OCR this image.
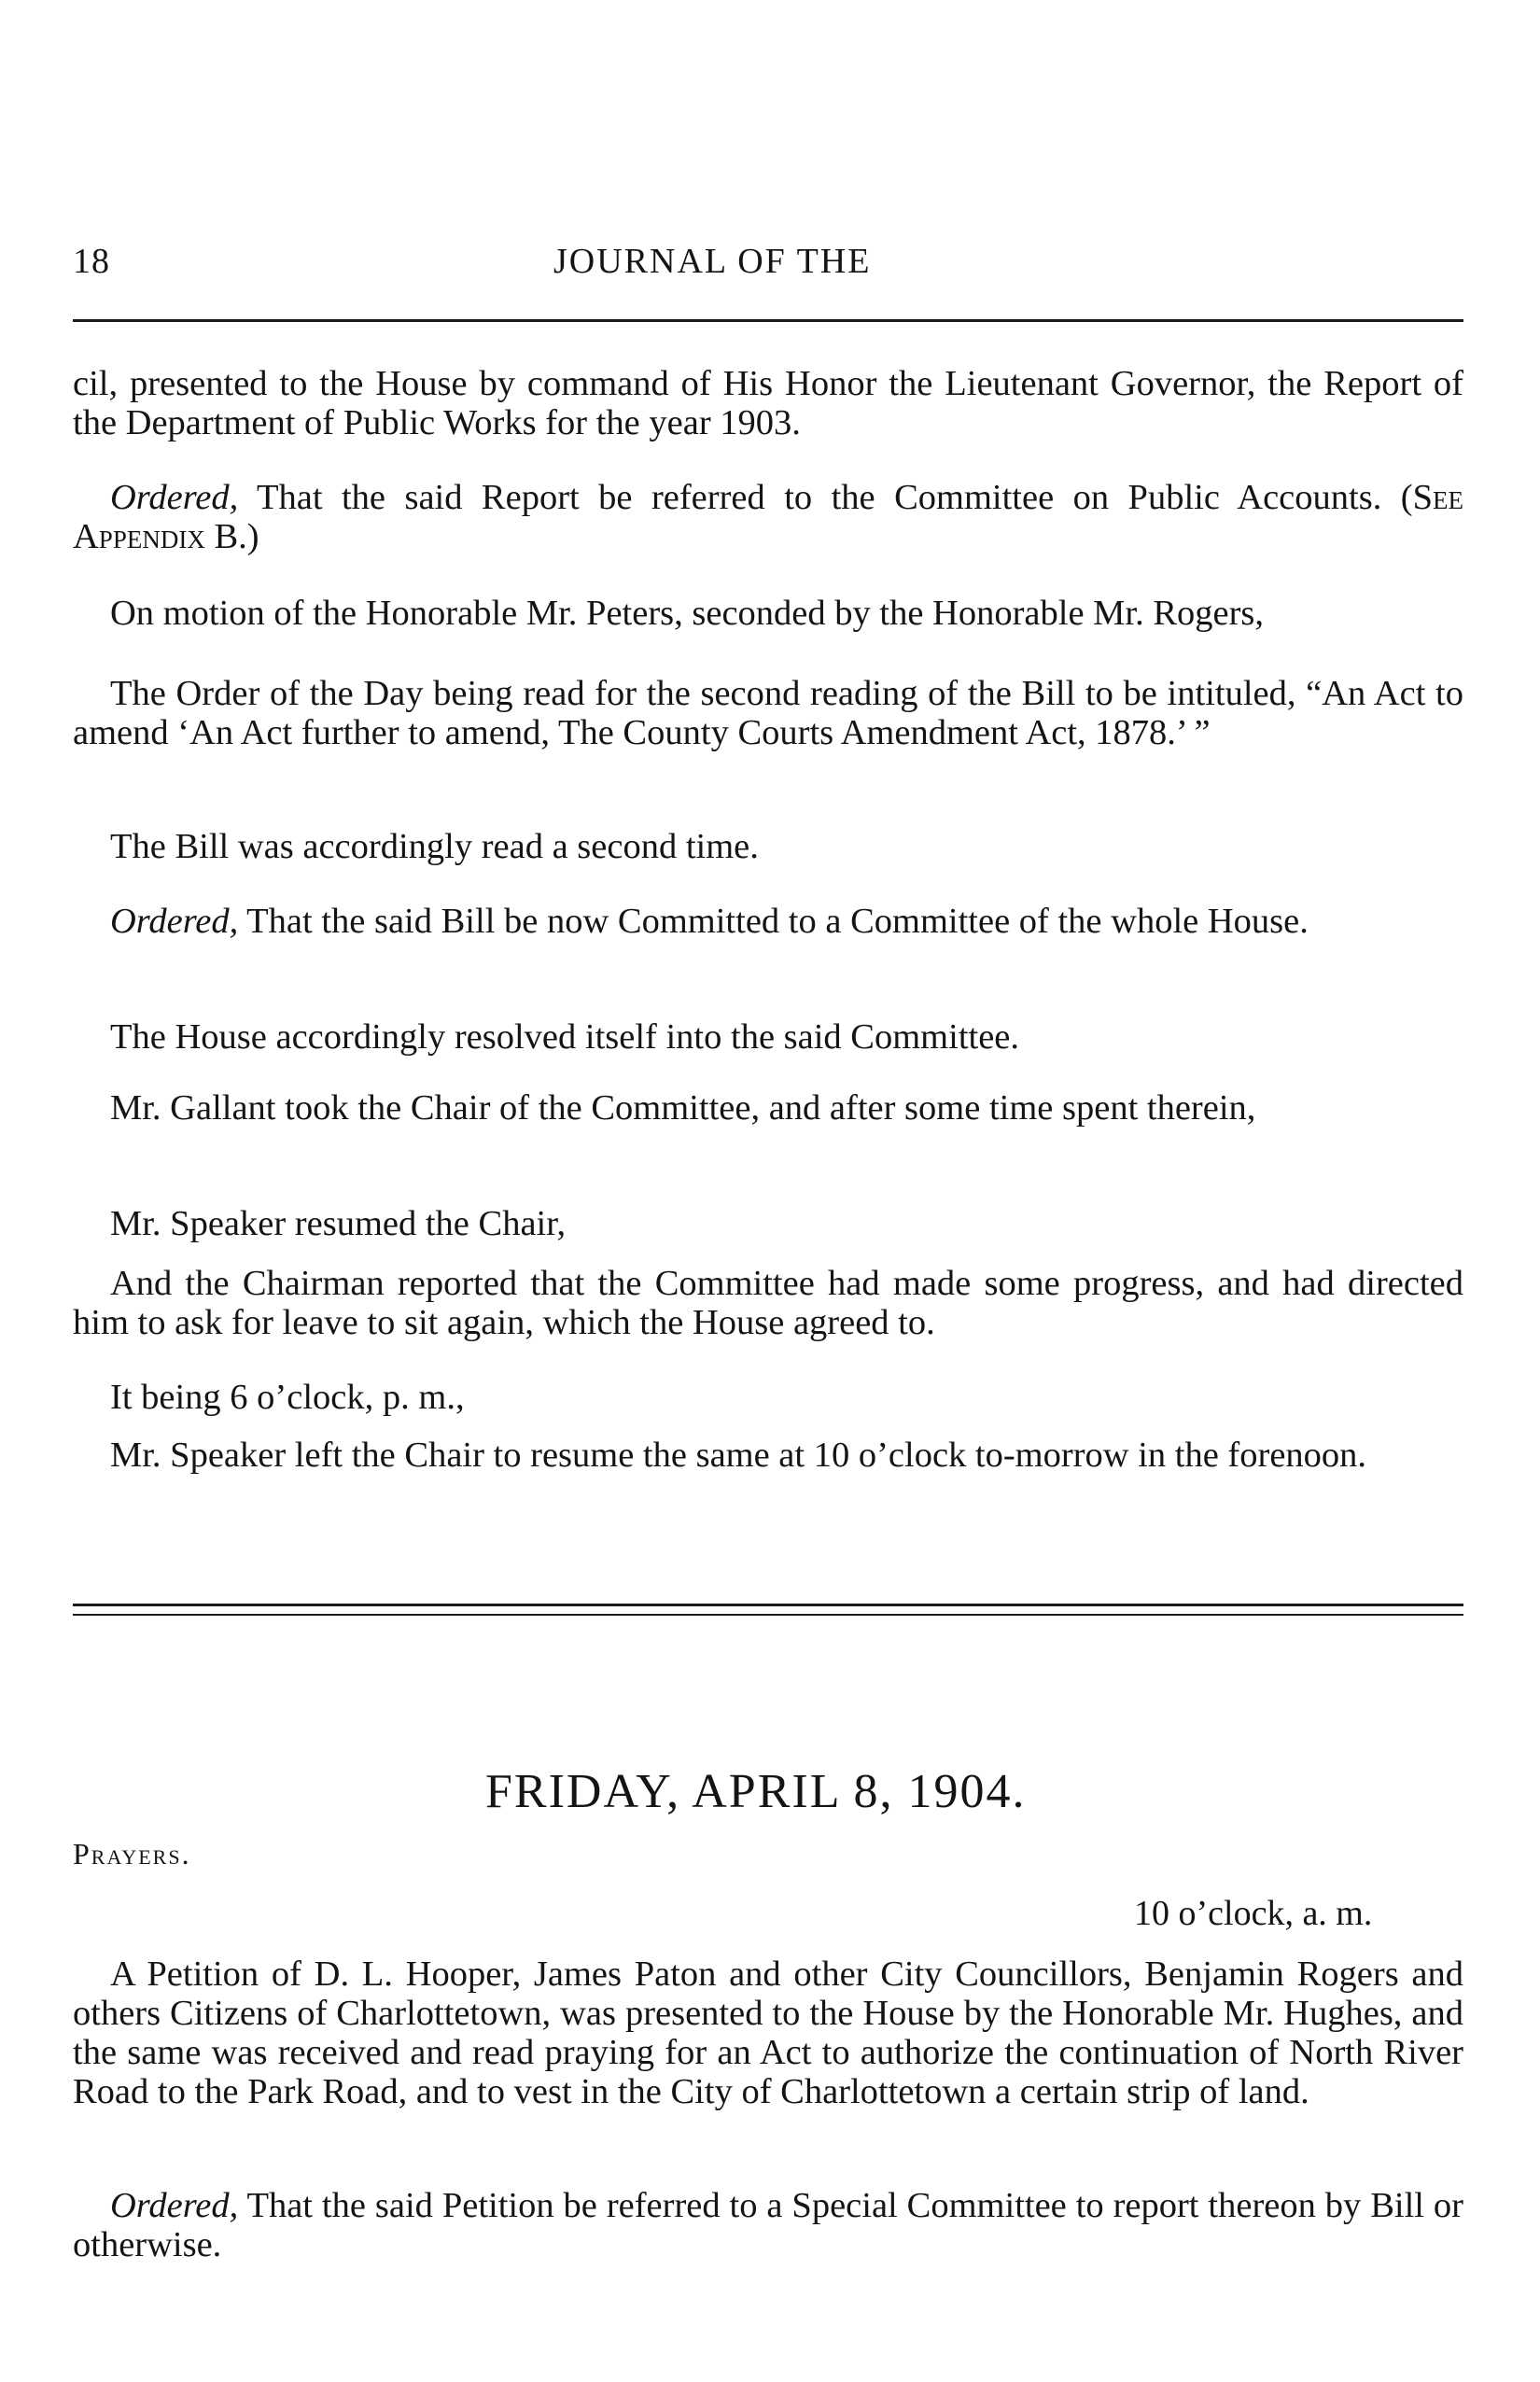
18	JOURNAL OF THE
cil, presented to the House by command of His Honor the Lieutenant Governor, the Report of the Department of Public Works for the year 1903.
Ordered, That the said Report be referred to the Committee on Public Accounts. (See Appendix B.)
On motion of the Honorable Mr. Peters, seconded by the Honorable Mr. Rogers,
The Order of the Day being read for the second reading of the Bill to be intituled, “An Act to amend ‘An Act further to amend, The County Courts Amendment Act, 1878.’ ”
The Bill was accordingly read a second time.
Ordered, That the said Bill be now Committed to a Committee of the whole House.
The House accordingly resolved itself into the said Committee.
Mr. Gallant took the Chair of the Committee, and after some time spent therein,
Mr. Speaker resumed the Chair,
And the Chairman reported that the Committee had made some progress, and had directed him to ask for leave to sit again, which the House agreed to.
It being 6 o’clock, p. m.,
Mr. Speaker left the Chair to resume the same at 10 o’clock to-morrow in the forenoon.
FRIDAY, APRIL 8, 1904.
Prayers.
10 o’clock, a. m.
A Petition of D. L. Hooper, James Paton and other City Councillors, Benjamin Rogers and others Citizens of Charlottetown, was presented to the House by the Honorable Mr. Hughes, and the same was received and read praying for an Act to authorize the continuation of North River Road to the Park Road, and to vest in the City of Charlottetown a certain strip of land.
Ordered, That the said Petition be referred to a Special Committee to report thereon by Bill or otherwise.
